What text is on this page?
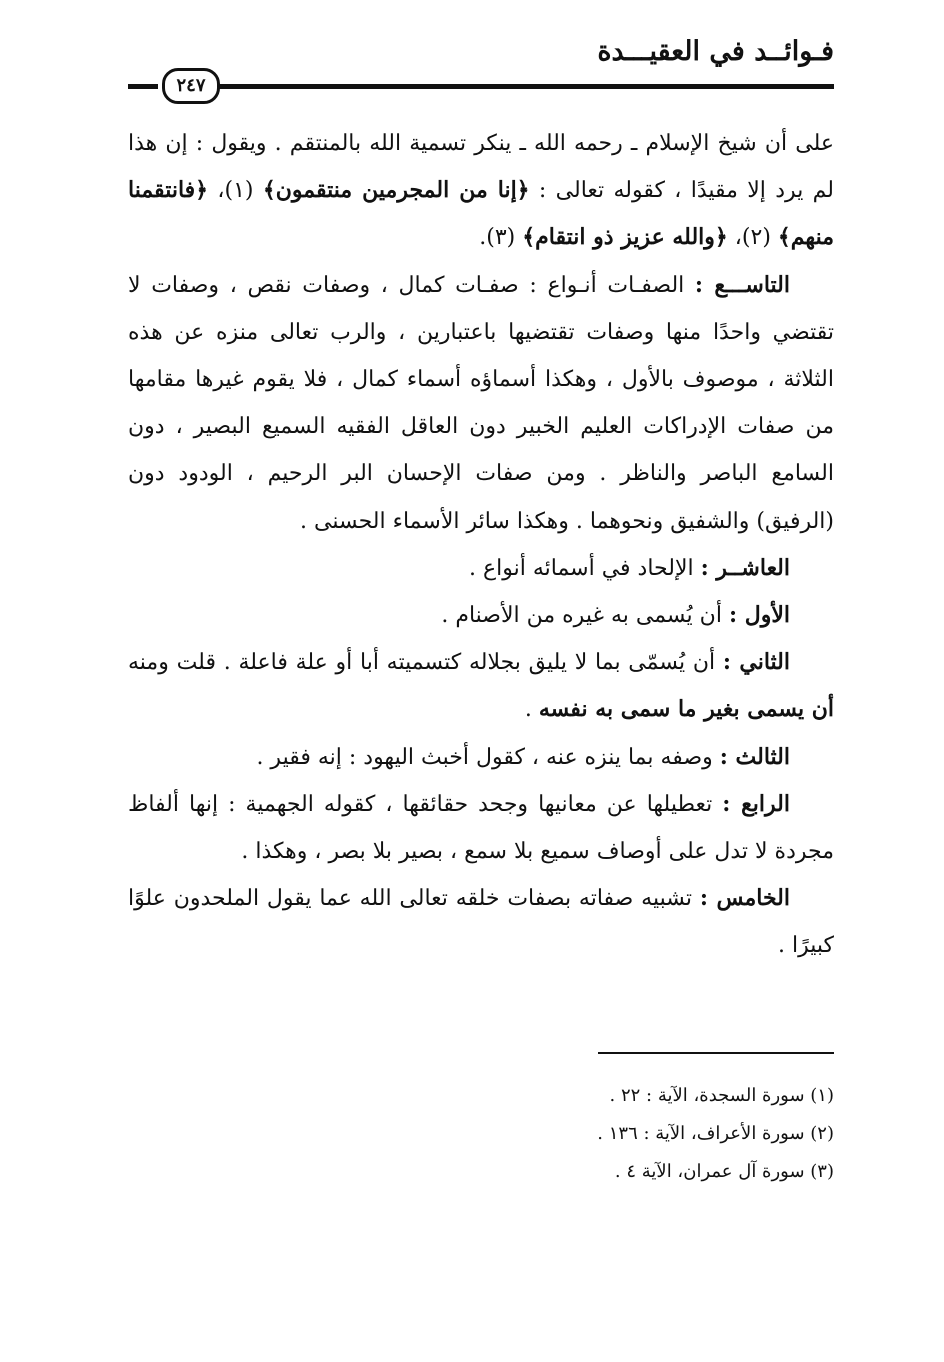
فـوائــد في العقيـــدة
٢٤٧

على أن شيخ الإسلام ـ رحمه الله ـ ينكر تسمية الله بالمنتقم . ويقول : إن هذا لم يرد إلا مقيدًا ، كقوله تعالى : ﴿إنا من المجرمين منتقمون﴾ (١)، ﴿فانتقمنا منهم﴾ (٢)، ﴿والله عزيز ذو انتقام﴾ (٣).

التاســـع : الصفـات أنـواع : صفـات كمال ، وصفات نقص ، وصفات لا تقتضي واحدًا منها وصفات تقتضيها باعتبارين ، والرب تعالى منزه عن هذه الثلاثة ، موصوف بالأول ، وهكذا أسماؤه أسماء كمال ، فلا يقوم غيرها مقامها من صفات الإدراكات العليم الخبير دون العاقل الفقيه السميع البصير ، دون السامع الباصر والناظر . ومن صفات الإحسان البر الرحيم ، الودود دون (الرفيق) والشفيق ونحوهما . وهكذا سائر الأسماء الحسنى .

العاشــر : الإلحاد في أسمائه أنواع .

الأول : أن يُسمى به غيره من الأصنام .

الثاني : أن يُسمّى بما لا يليق بجلاله كتسميته أبا أو علة فاعلة . قلت ومنه أن يسمى بغير ما سمى به نفسه .

الثالث : وصفه بما ينزه عنه ، كقول أخبث اليهود : إنه فقير .

الرابع : تعطيلها عن معانيها وجحد حقائقها ، كقوله الجهمية : إنها ألفاظ مجردة لا تدل على أوصاف سميع بلا سمع ، بصير بلا بصر ، وهكذا .

الخامس : تشبيه صفاته بصفات خلقه تعالى الله عما يقول الملحدون علوًا كبيرًا .

(١) سورة السجدة، الآية : ٢٢ .
(٢) سورة الأعراف، الآية : ١٣٦ .
(٣) سورة آل عمران، الآية ٤ .
